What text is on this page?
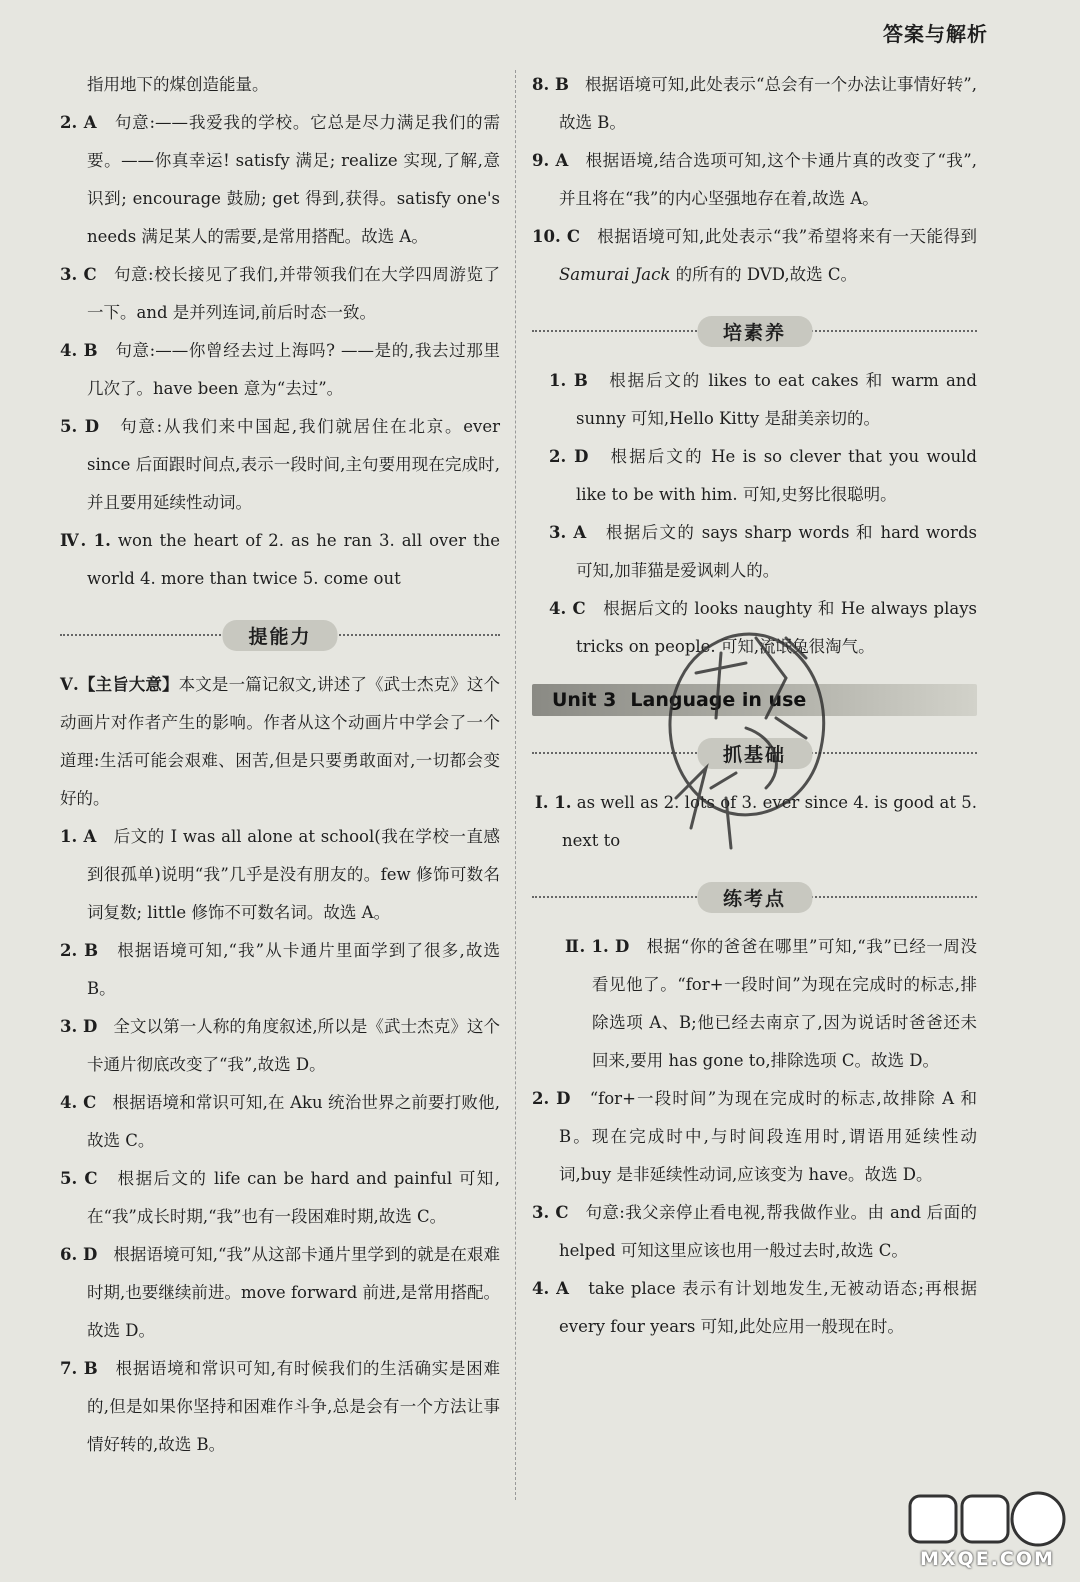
答案与解析
指用地下的煤创造能量。
2. A 句意:——我爱我的学校。它总是尽力满足我们的需要。——你真幸运! satisfy 满足; realize 实现,了解,意识到; encourage 鼓励; get 得到,获得。satisfy one's needs 满足某人的需要,是常用搭配。故选 A。
3. C 句意:校长接见了我们,并带领我们在大学四周游览了一下。and 是并列连词,前后时态一致。
4. B 句意:——你曾经去过上海吗? ——是的,我去过那里几次了。have been 意为“去过”。
5. D 句意:从我们来中国起,我们就居住在北京。ever since 后面跟时间点,表示一段时间,主句要用现在完成时,并且要用延续性动词。
Ⅳ. 1. won the heart of 2. as he ran 3. all over the world 4. more than twice 5. come out
提能力
Ⅴ.【主旨大意】本文是一篇记叙文,讲述了《武士杰克》这个动画片对作者产生的影响。作者从这个动画片中学会了一个道理:生活可能会艰难、困苦,但是只要勇敢面对,一切都会变好的。
1. A 后文的 I was all alone at school(我在学校一直感到很孤单)说明“我”几乎是没有朋友的。few 修饰可数名词复数; little 修饰不可数名词。故选 A。
2. B 根据语境可知,“我”从卡通片里面学到了很多,故选 B。
3. D 全文以第一人称的角度叙述,所以是《武士杰克》这个卡通片彻底改变了“我”,故选 D。
4. C 根据语境和常识可知,在 Aku 统治世界之前要打败他,故选 C。
5. C 根据后文的 life can be hard and painful 可知,在“我”成长时期,“我”也有一段困难时期,故选 C。
6. D 根据语境可知,“我”从这部卡通片里学到的就是在艰难时期,也要继续前进。move forward 前进,是常用搭配。故选 D。
7. B 根据语境和常识可知,有时候我们的生活确实是困难的,但是如果你坚持和困难作斗争,总是会有一个方法让事情好转的,故选 B。
8. B 根据语境可知,此处表示“总会有一个办法让事情好转”,故选 B。
9. A 根据语境,结合选项可知,这个卡通片真的改变了“我”,并且将在“我”的内心坚强地存在着,故选 A。
10. C 根据语境可知,此处表示“我”希望将来有一天能得到 Samurai Jack 的所有的 DVD,故选 C。
培素养
1. B 根据后文的 likes to eat cakes 和 warm and sunny 可知,Hello Kitty 是甜美亲切的。
2. D 根据后文的 He is so clever that you would like to be with him. 可知,史努比很聪明。
3. A 根据后文的 says sharp words 和 hard words 可知,加菲猫是爱讽刺人的。
4. C 根据后文的 looks naughty 和 He always plays tricks on people. 可知,流氓兔很淘气。
Unit 3 Language in use
抓基础
Ⅰ. 1. as well as 2. lots of 3. ever since 4. is good at 5. next to
练考点
Ⅱ. 1. D 根据“你的爸爸在哪里”可知,“我”已经一周没看见他了。“for+一段时间”为现在完成时的标志,排除选项 A、B;他已经去南京了,因为说话时爸爸还未回来,要用 has gone to,排除选项 C。故选 D。
2. D “for+一段时间”为现在完成时的标志,故排除 A 和 B。现在完成时中,与时间段连用时,谓语用延续性动词,buy 是非延续性动词,应该变为 have。故选 D。
3. C 句意:我父亲停止看电视,帮我做作业。由 and 后面的 helped 可知这里应该也用一般过去时,故选 C。
4. A take place 表示有计划地发生,无被动语态;再根据 every four years 可知,此处应用一般现在时。
MXQE.COM
